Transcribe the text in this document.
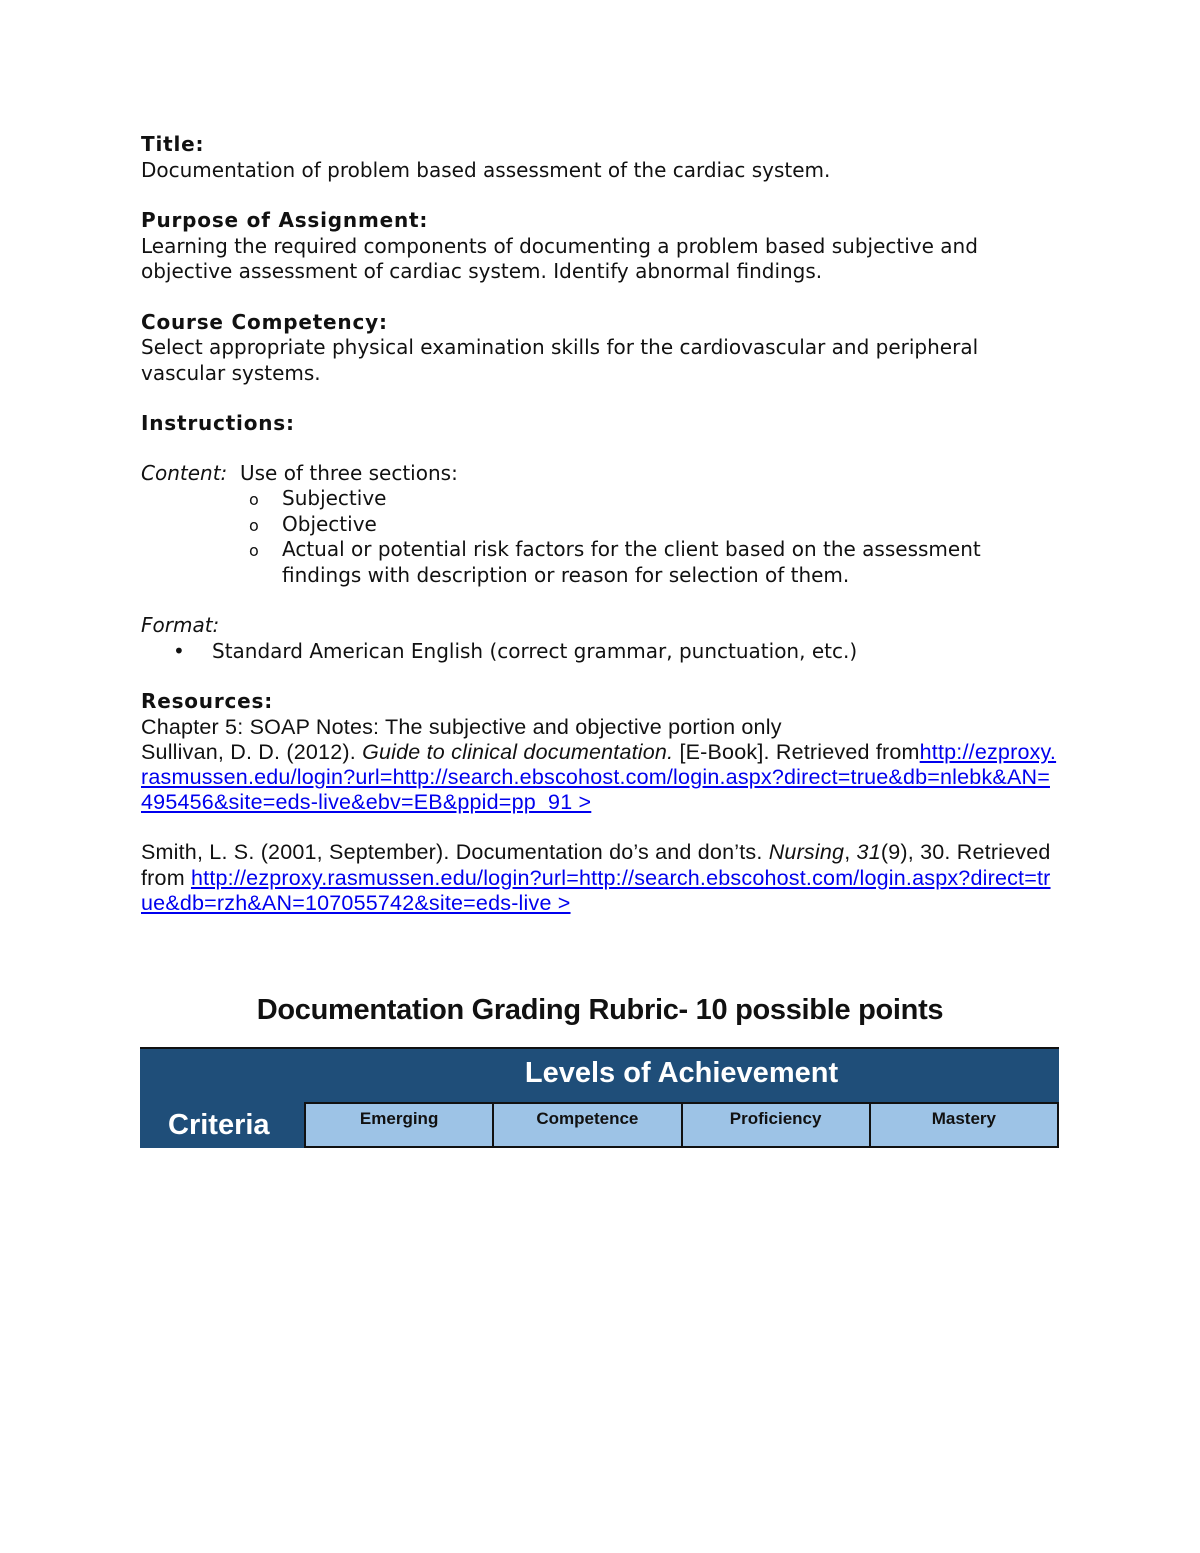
Title:

Documentation of problem based assessment of the cardiac system.

Purpose of Assignment:

Learning the required components of documenting a problem based subjective and objective assessment of cardiac system. Identify abnormal findings.

Course Competency:

Select appropriate physical examination skills for the cardiovascular and peripheral vascular systems.

Instructions:

Content: Use of three sections:

o Subjective
o Objective
o Actual or potential risk factors for the client based on the assessment findings with description or reason for selection of them.

Format:

• Standard American English (correct grammar, punctuation, etc.)

Resources:

Chapter 5: SOAP Notes: The subjective and objective portion only

Sullivan, D. D. (2012). Guide to clinical documentation. [E-Book]. Retrieved fromhttp://ezproxy.rasmussen.edu/login?url=http://search.ebscohost.com/login.aspx?direct=true&db=nlebk&AN=495456&site=eds-live&ebv=EB&ppid=pp_91 >

Smith, L. S. (2001, September). Documentation do’s and don’ts. Nursing, 31(9), 30. Retrieved from http://ezproxy.rasmussen.edu/login?url=http://search.ebscohost.com/login.aspx?direct=true&db=rzh&AN=107055742&site=eds-live >

Documentation Grading Rubric- 10 possible points
Levels of Achievement
Criteria	Emerging	Competence	Proficiency	Mastery
